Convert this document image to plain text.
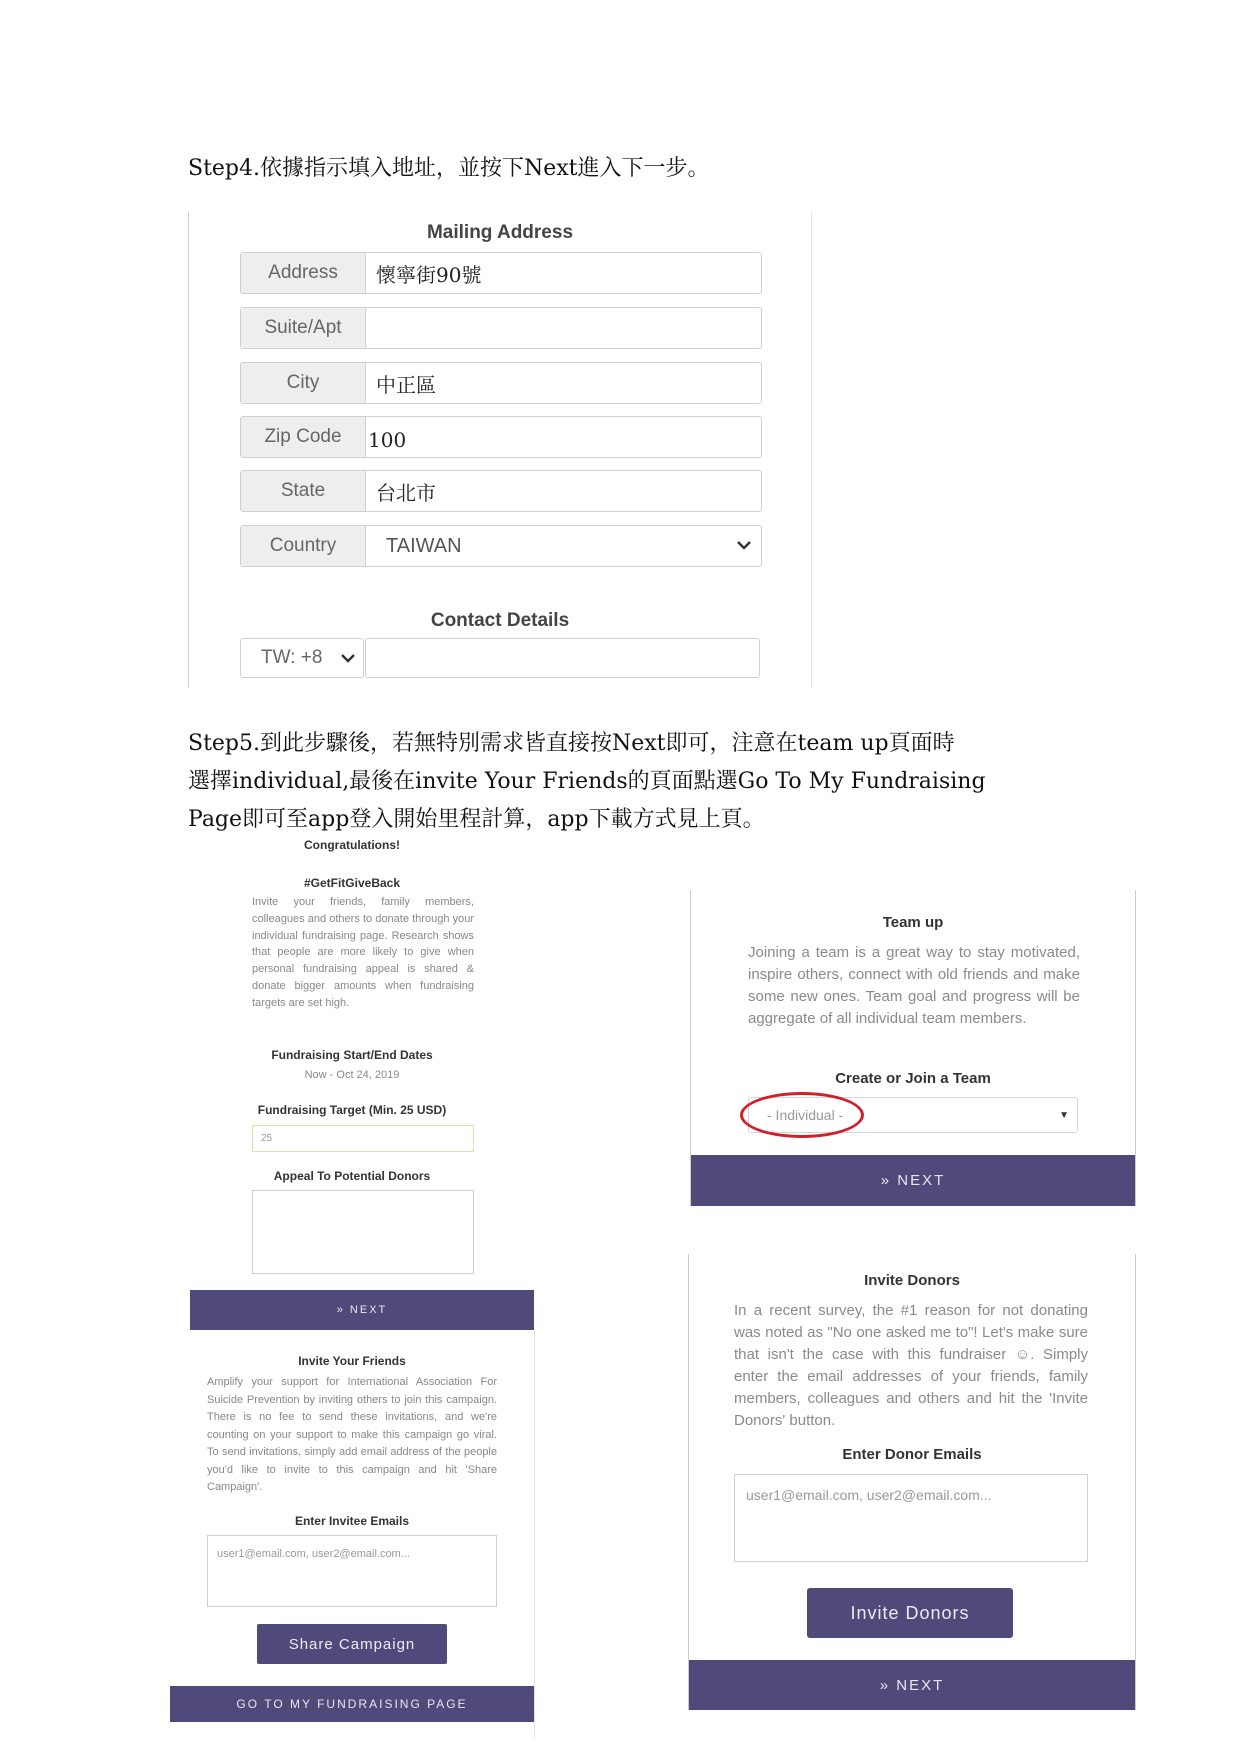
Step4.依據指示填入地址，並按下Next進入下一步。

Mailing Address
Address	懷寧街90號
Suite/Apt
City	中正區
Zip Code	100
State	台北市
Country	TAIWAN
Contact Details
TW: +8

Step5.到此步驟後，若無特別需求皆直接按Next即可，注意在team up頁面時

選擇individual,最後在invite Your Friends的頁面點選Go To My Fundraising

Page即可至app登入開始里程計算，app下載方式見上頁。

Congratulations!
#GetFitGiveBack

Invite your friends, family members, colleagues and others to donate through your individual fundraising page. Research shows that people are more likely to give when personal fundraising appeal is shared & donate bigger amounts when fundraising targets are set high.

Fundraising Start/End Dates
Now - Oct 24, 2019
Fundraising Target (Min. 25 USD)
25
Appeal To Potential Donors
» NEXT
Invite Your Friends

Amplify your support for International Association For Suicide Prevention by inviting others to join this campaign. There is no fee to send these invitations, and we're counting on your support to make this campaign go viral. To send invitations, simply add email address of the people you'd like to invite to this campaign and hit 'Share Campaign'.

Enter Invitee Emails
user1@email.com, user2@email.com...
Share Campaign
GO TO MY FUNDRAISING PAGE
Team up

Joining a team is a great way to stay motivated, inspire others, connect with old friends and make some new ones. Team goal and progress will be aggregate of all individual team members.

Create or Join a Team
- Individual -	▼
» NEXT
Invite Donors

In a recent survey, the #1 reason for not donating was noted as "No one asked me to"! Let's make sure that isn't the case with this fundraiser ☺. Simply enter the email addresses of your friends, family members, colleagues and others and hit the 'Invite Donors' button.

Enter Donor Emails
user1@email.com, user2@email.com...
Invite Donors
» NEXT
